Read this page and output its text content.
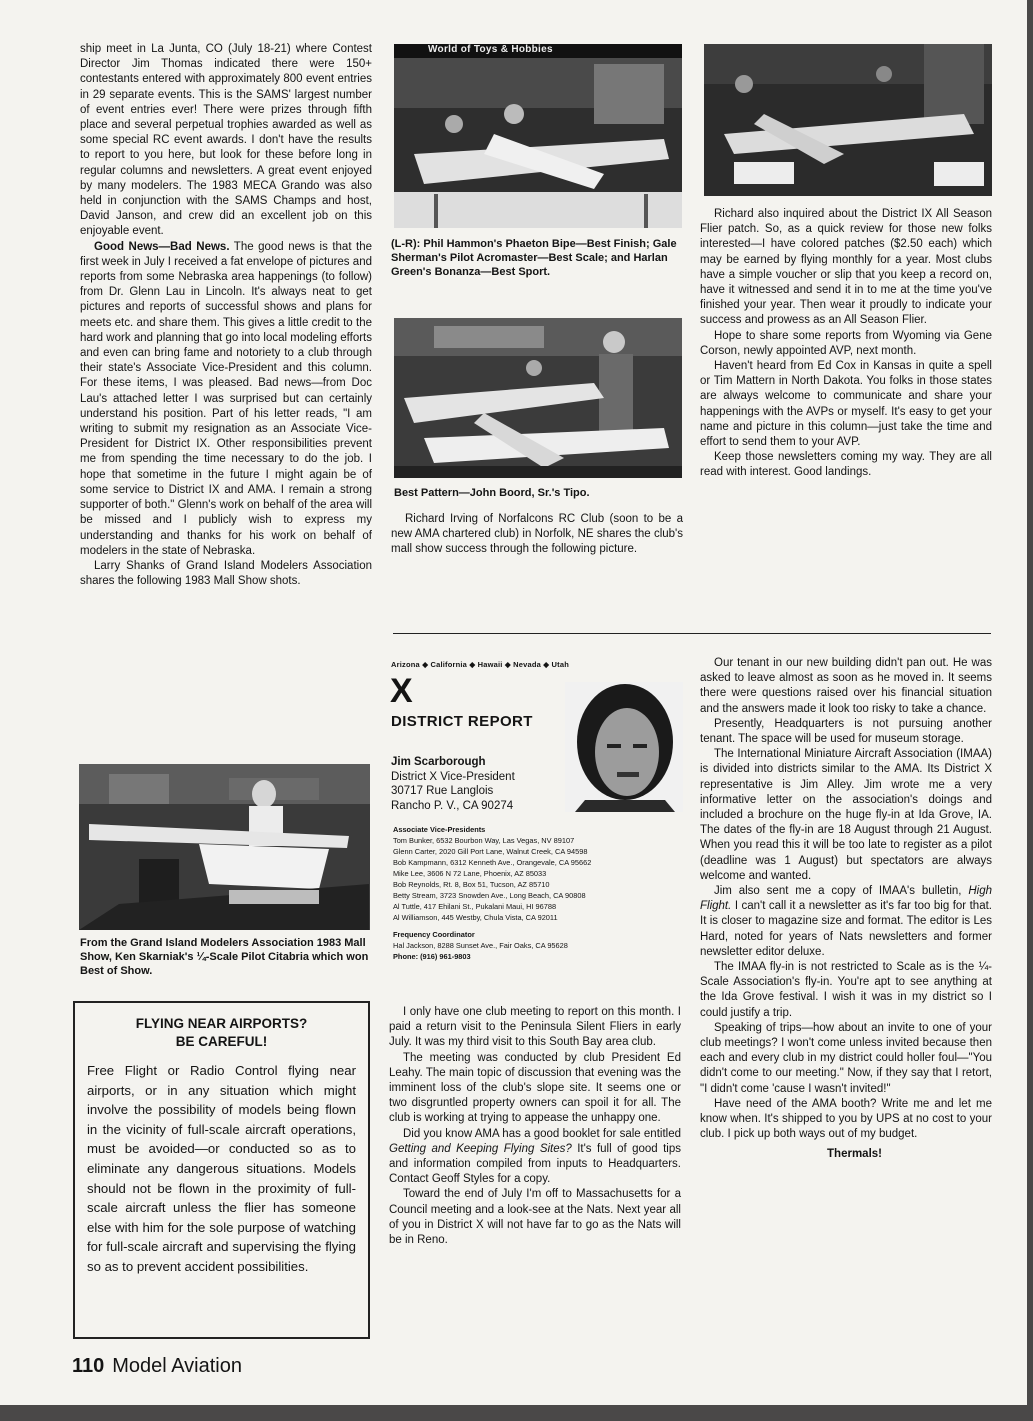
ship meet in La Junta, CO (July 18-21) where Contest Director Jim Thomas indicated there were 150+ contestants entered with approximately 800 event entries in 29 separate events. This is the SAMS' largest number of event entries ever! There were prizes through fifth place and several perpetual trophies awarded as well as some special RC event awards. I don't have the results to report to you here, but look for these before long in regular columns and newsletters. A great event enjoyed by many modelers. The 1983 MECA Grando was also held in conjunction with the SAMS Champs and host, David Janson, and crew did an excellent job on this enjoyable event.

Good News—Bad News. The good news is that the first week in July I received a fat envelope of pictures and reports from some Nebraska area happenings (to follow) from Dr. Glenn Lau in Lincoln. It's always neat to get pictures and reports of successful shows and plans for meets etc. and share them. This gives a little credit to the hard work and planning that go into local modeling efforts and even can bring fame and notoriety to a club through their state's Associate Vice-President and this column. For these items, I was pleased. Bad news—from Doc Lau's attached letter I was surprised but can certainly understand his position. Part of his letter reads, "I am writing to submit my resignation as an Associate Vice-President for District IX. Other responsibilities prevent me from spending the time necessary to do the job. I hope that sometime in the future I might again be of some service to District IX and AMA. I remain a strong supporter of both." Glenn's work on behalf of the area will be missed and I publicly wish to express my understanding and thanks for his work on behalf of modelers in the state of Nebraska.

Larry Shanks of Grand Island Modelers Association shares the following 1983 Mall Show shots.

From the Grand Island Modelers Association 1983 Mall Show, Ken Skarniak's ¼-Scale Pilot Citabria which won Best of Show.
FLYING NEAR AIRPORTS?
BE CAREFUL!

Free Flight or Radio Control flying near airports, or in any situation which might involve the possibility of models being flown in the vicinity of full-scale aircraft operations, must be avoided—or conducted so as to eliminate any dangerous situations. Models should not be flown in the proximity of full-scale aircraft unless the flier has someone else with him for the sole purpose of watching for full-scale aircraft and supervising the flying so as to prevent accident possibilities.

World of Toys & Hobbies
(L-R): Phil Hammon's Phaeton Bipe—Best Finish; Gale Sherman's Pilot Acromaster—Best Scale; and Harlan Green's Bonanza—Best Sport.
Best Pattern—John Boord, Sr.'s Tipo.

Richard Irving of Norfalcons RC Club (soon to be a new AMA chartered club) in Norfolk, NE shares the club's mall show success through the following picture.

Richard also inquired about the District IX All Season Flier patch. So, as a quick review for those new folks interested—I have colored patches ($2.50 each) which may be earned by flying monthly for a year. Most clubs have a simple voucher or slip that you keep a record on, have it witnessed and send it in to me at the time you've finished your year. Then wear it proudly to indicate your success and prowess as an All Season Flier.

Hope to share some reports from Wyoming via Gene Corson, newly appointed AVP, next month.

Haven't heard from Ed Cox in Kansas in quite a spell or Tim Mattern in North Dakota. You folks in those states are always welcome to communicate and share your happenings with the AVPs or myself. It's easy to get your name and picture in this column—just take the time and effort to send them to your AVP.

Keep those newsletters coming my way. They are all read with interest. Good landings.

Arizona ◆ California ◆ Hawaii ◆ Nevada ◆ Utah
X
DISTRICT REPORT
Jim Scarborough
District X Vice-President
30717 Rue Langlois
Rancho P. V., CA 90274
Associate Vice-Presidents
Tom Bunker, 6532 Bourbon Way, Las Vegas, NV 89107
Glenn Carter, 2020 Gill Port Lane, Walnut Creek, CA 94598
Bob Kampmann, 6312 Kenneth Ave., Orangevale, CA 95662
Mike Lee, 3606 N 72 Lane, Phoenix, AZ 85033
Bob Reynolds, Rt. 8, Box 51, Tucson, AZ 85710
Betty Stream, 3723 Snowden Ave., Long Beach, CA 90808
Al Tuttle, 417 Ehilani St., Pukalani Maui, HI 96788
Al Williamson, 445 Westby, Chula Vista, CA 92011
Frequency Coordinator
Hal Jackson, 8288 Sunset Ave., Fair Oaks, CA 95628
Phone: (916) 961-9803

I only have one club meeting to report on this month. I paid a return visit to the Peninsula Silent Fliers in early July. It was my third visit to this South Bay area club.

The meeting was conducted by club President Ed Leahy. The main topic of discussion that evening was the imminent loss of the club's slope site. It seems one or two disgruntled property owners can spoil it for all. The club is working at trying to appease the unhappy one.

Did you know AMA has a good booklet for sale entitled Getting and Keeping Flying Sites? It's full of good tips and information compiled from inputs to Headquarters. Contact Geoff Styles for a copy.

Toward the end of July I'm off to Massachusetts for a Council meeting and a look-see at the Nats. Next year all of you in District X will not have far to go as the Nats will be in Reno.

Our tenant in our new building didn't pan out. He was asked to leave almost as soon as he moved in. It seems there were questions raised over his financial situation and the answers made it look too risky to take a chance.

Presently, Headquarters is not pursuing another tenant. The space will be used for museum storage.

The International Miniature Aircraft Association (IMAA) is divided into districts similar to the AMA. Its District X representative is Jim Alley. Jim wrote me a very informative letter on the association's doings and included a brochure on the huge fly-in at Ida Grove, IA. The dates of the fly-in are 18 August through 21 August. When you read this it will be too late to register as a pilot (deadline was 1 August) but spectators are always welcome and wanted.

Jim also sent me a copy of IMAA's bulletin, High Flight. I can't call it a newsletter as it's far too big for that. It is closer to magazine size and format. The editor is Les Hard, noted for years of Nats newsletters and former newsletter editor deluxe.

The IMAA fly-in is not restricted to Scale as is the ¼-Scale Association's fly-in. You're apt to see anything at the Ida Grove festival. I wish it was in my district so I could justify a trip.

Speaking of trips—how about an invite to one of your club meetings? I won't come unless invited because then each and every club in my district could holler foul—"You didn't come to our meeting." Now, if they say that I retort, "I didn't come 'cause I wasn't invited!"

Have need of the AMA booth? Write me and let me know when. It's shipped to you by UPS at no cost to your club. I pick up both ways out of my budget.

Thermals!
110 Model Aviation
